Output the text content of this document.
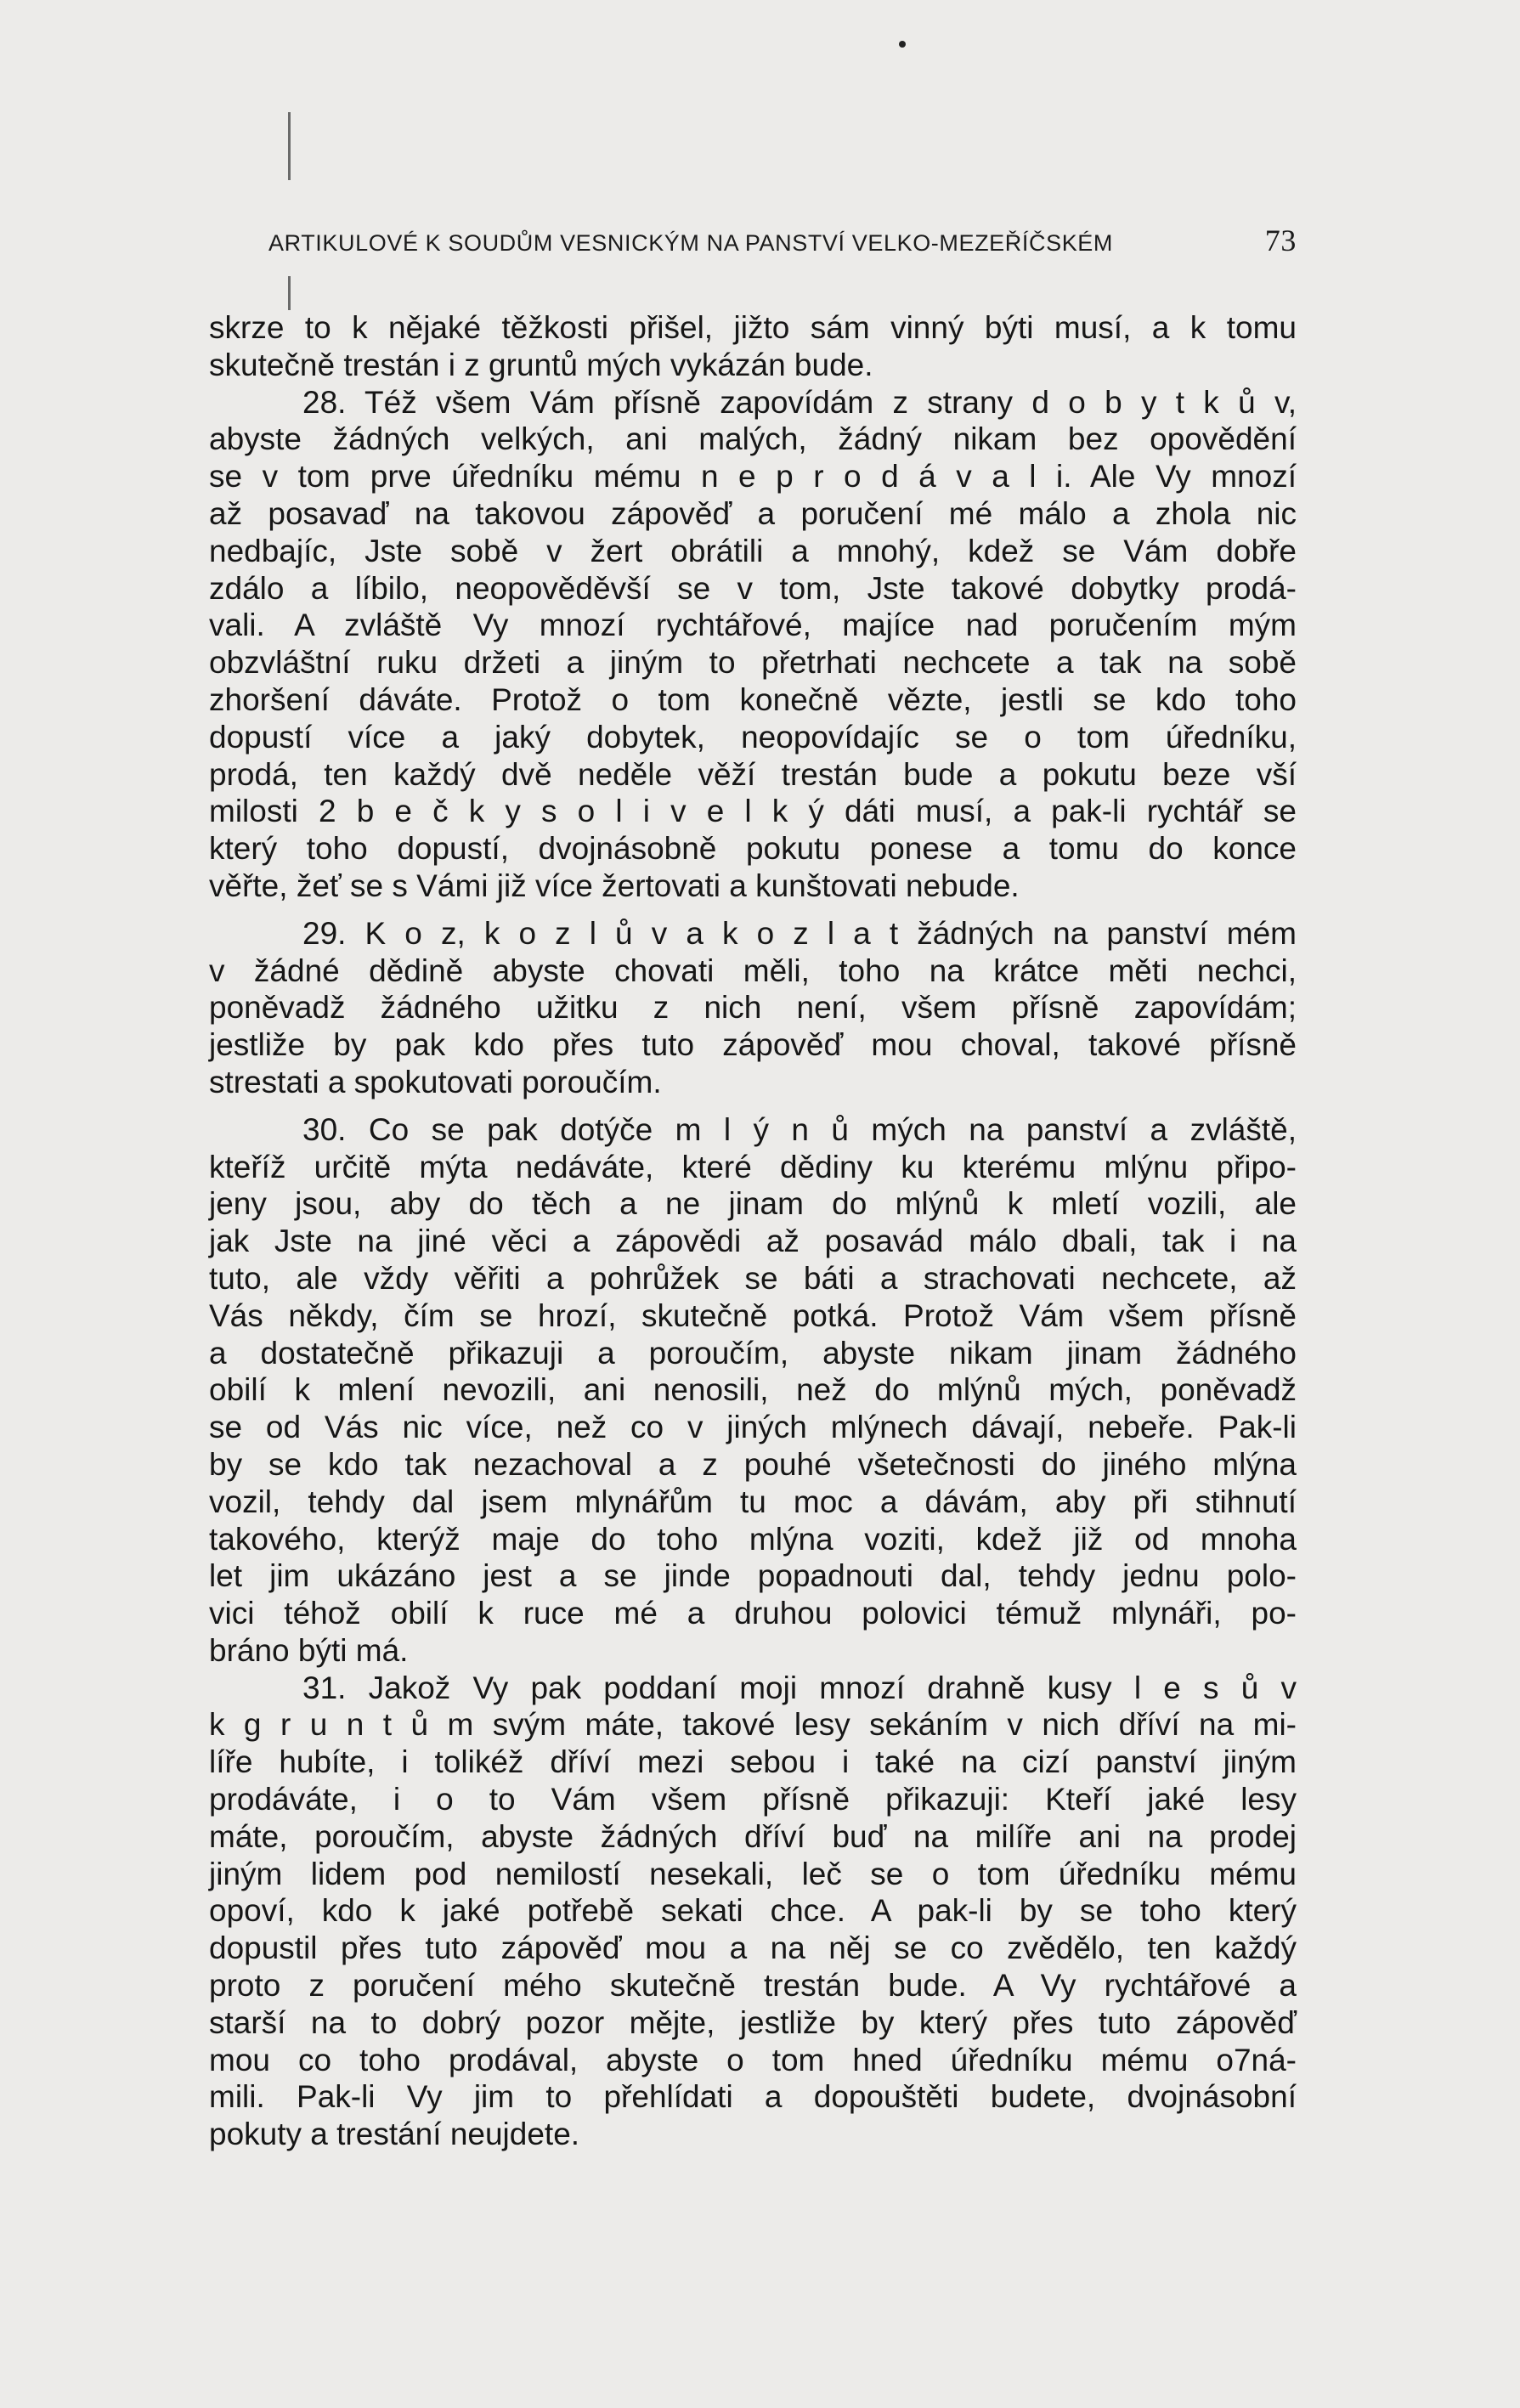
ARTIKULOVÉ K SOUDŮM VESNICKÝM NA PANSTVÍ VELKO-MEZEŘÍČSKÉM	73
skrze to k nějaké těžkosti přišel, jižto sám vinný býti musí, a k tomu
skutečně trestán i z gruntů mých vykázán bude.
28. Též všem Vám přísně zapovídám z strany d o b y t k ů v,
abyste žádných velkých, ani malých, žádný nikam bez opovědění
se v tom prve úředníku mému n e p r o d á v a l i. Ale Vy mnozí
až posavaď na takovou zápověď a poručení mé málo a zhola nic
nedbajíc, Jste sobě v žert obrátili a mnohý, kdež se Vám dobře
zdálo a líbilo, neopověděvší se v tom, Jste takové dobytky prodá-
vali. A zvláště Vy mnozí rychtářové, majíce nad poručením mým
obzvláštní ruku držeti a jiným to přetrhati nechcete a tak na sobě
zhoršení dáváte. Protož o tom konečně vězte, jestli se kdo toho
dopustí více a jaký dobytek, neopovídajíc se o tom úředníku,
prodá, ten každý dvě neděle věží trestán bude a pokutu beze vší
milosti 2 b e č k y s o l i v e l k ý dáti musí, a pak-li rychtář se
který toho dopustí, dvojnásobně pokutu ponese a tomu do konce
věřte, žeť se s Vámi již více žertovati a kunštovati nebude.
29. K o z, k o z l ů v a k o z l a t žádných na panství mém
v žádné dědině abyste chovati měli, toho na krátce měti nechci,
poněvadž žádného užitku z nich není, všem přísně zapovídám;
jestliže by pak kdo přes tuto zápověď mou choval, takové přísně
strestati a spokutovati poroučím.
30. Co se pak dotýče m l ý n ů mých na panství a zvláště,
kteříž určitě mýta nedáváte, které dědiny ku kterému mlýnu připo-
jeny jsou, aby do těch a ne jinam do mlýnů k mletí vozili, ale
jak Jste na jiné věci a zápovědi až posavád málo dbali, tak i na
tuto, ale vždy věřiti a pohrůžek se báti a strachovati nechcete, až
Vás někdy, čím se hrozí, skutečně potká. Protož Vám všem přísně
a dostatečně přikazuji a poroučím, abyste nikam jinam žádného
obilí k mlení nevozili, ani nenosili, než do mlýnů mých, poněvadž
se od Vás nic více, než co v jiných mlýnech dávají, nebeře. Pak-li
by se kdo tak nezachoval a z pouhé všetečnosti do jiného mlýna
vozil, tehdy dal jsem mlynářům tu moc a dávám, aby při stihnutí
takového, kterýž maje do toho mlýna voziti, kdež již od mnoha
let jim ukázáno jest a se jinde popadnouti dal, tehdy jednu polo-
vici téhož obilí k ruce mé a druhou polovici témuž mlynáři, po-
bráno býti má.
31. Jakož Vy pak poddaní moji mnozí drahně kusy l e s ů v
k g r u n t ů m svým máte, takové lesy sekáním v nich dříví na mi-
líře hubíte, i tolikéž dříví mezi sebou i také na cizí panství jiným
prodáváte, i o to Vám všem přísně přikazuji: Kteří jaké lesy
máte, poroučím, abyste žádných dříví buď na milíře ani na prodej
jiným lidem pod nemilostí nesekali, leč se o tom úředníku mému
opoví, kdo k jaké potřebě sekati chce. A pak-li by se toho který
dopustil přes tuto zápověď mou a na něj se co zvědělo, ten každý
proto z poručení mého skutečně trestán bude. A Vy rychtářové a
starší na to dobrý pozor mějte, jestliže by který přes tuto zápověď
mou co toho prodával, abyste o tom hned úředníku mému o7ná-
mili. Pak-li Vy jim to přehlídati a dopouštěti budete, dvojnásobní
pokuty a trestání neujdete.
